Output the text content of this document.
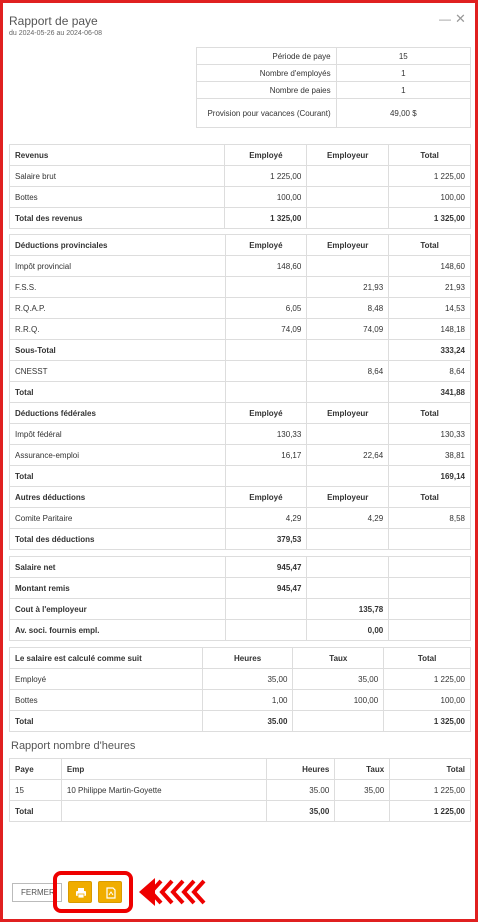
Rapport de paye
du 2024-05-26 au 2024-06-08
— ✕
Période de paye	15
Nombre d'employés	1
Nombre de paies	1
Provision pour vacances (Courant)	49,00 $
Revenus	Employé	Employeur	Total
Salaire brut	1 225,00		1 225,00
Bottes	100,00		100,00
Total des revenus	1 325,00		1 325,00
Déductions provinciales	Employé	Employeur	Total
Impôt provincial	148,60		148,60
F.S.S.		21,93	21,93
R.Q.A.P.	6,05	8,48	14,53
R.R.Q.	74,09	74,09	148,18
Sous-Total			333,24
CNESST		8,64	8,64
Total			341,88
Déductions fédérales	Employé	Employeur	Total
Impôt fédéral	130,33		130,33
Assurance-emploi	16,17	22,64	38,81
Total			169,14
Autres déductions	Employé	Employeur	Total
Comite Paritaire	4,29	4,29	8,58
Total des déductions	379,53		
Salaire net	945,47		
Montant remis	945,47		
Cout à l'employeur		135,78	
Av. soci. fournis empl.		0,00	
Le salaire est calculé comme suit	Heures	Taux	Total
Employé	35,00	35,00	1 225,00
Bottes	1,00	100,00	100,00
Total	35.00		1 325,00
Rapport nombre d'heures
Paye	Emp	Heures	Taux	Total
15	10 Philippe Martin-Goyette	35.00	35,00	1 225,00
Total		35,00		1 225,00
FERMER
